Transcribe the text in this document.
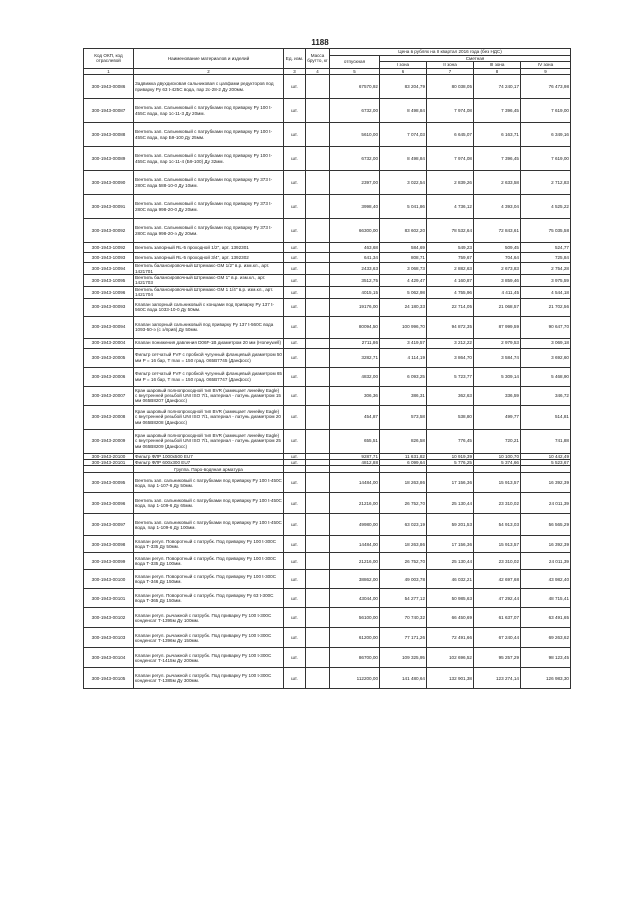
1188
Код ОКП, код отраслевой	Наименование материалов и изделий	Ед. изм.	Масса брутто, кг	Цена в рублях на II квартал 2016 года (без НДС)				
				отпускная	Сметная			
					I зона	II зона	III зона	IV зона
1	2	3	4	5	6	7	8	9
300-1943-00086	Задвижка двухдисковая сальниковая с цапфами редукторов под приварку Ру 63 t-425С вода, пар 2с-28-2 Ду 200мм.	шт.		67570,92	83 204,79	80 038,05	74 240,17	76 473,98
300-1943-00087	Вентиль зап. Сальниковый с патрубками под приварку Ру 100 t-455С вода, пар 1с-11-3 Ду 20мм.	шт.		6732,00	8 498,84	7 974,08	7 396,45	7 619,00
300-1943-00088	Вентиль зап. Сальниковый с патрубками под приварку Ру 100 t-455С вода, пар Б9-100 Ду 25мм.	шт.		5610,00	7 074,03	6 645,07	6 163,71	6 349,16
300-1943-00089	Вентиль зап. Сальниковый с патрубками под приварку Ру 100 t-455С вода, пар 1с-11-4 (Б9-100) Ду 32мм.	шт.		6732,00	8 498,84	7 974,08	7 396,45	7 619,00
300-1943-00090	Вентиль зап. Сальниковый с патрубками под приварку Ру 373 t-280С вода 588-10-0 Ду 10мм.	шт.		2397,00	3 022,54	2 839,26	2 633,58	2 712,83
300-1943-00091	Вентиль зап. Сальниковый с патрубками под приварку Ру 373 t-280С вода 998-20-0 Ду 20мм.	шт.		3998,40	5 041,86	4 736,12	4 393,04	4 525,22
300-1943-00092	Вентиль зап. Сальниковый с патрубками под приварку Ру 373 t-280С вода 998-20-э Ду 20мм.	шт.		66300,00	83 602,20	78 532,64	72 843,61	75 035,58
300-1943-10092	Вентиль запорный RL-5 проходной 1/2", арт. 1392301	шт.		463,68	584,69	549,23	509,45	524,77
300-1943-10093	Вентиль запорный RL-5 проходной 3/4", арт. 1392302	шт.		641,34	808,71	759,67	704,64	725,84
300-1943-10094	Вентиль балансировочный Штремакс-GM 1/2" в.р. изм.кл., арт. 1421701	шт.		2433,63	3 068,73	2 882,63	2 673,83	2 754,28
300-1943-10095	Вентиль балансировочный Штремакс-GM 1" в.р. изм.кл., арт. 1421703	шт.		3512,75	4 429,47	4 160,87	3 859,46	3 975,59
300-1943-10096	Вентиль балансировочный Штремакс-GM 1 1/4" в.р. изм.кл., арт. 1421704	шт.		4015,15	5 062,98	4 755,96	4 411,45	4 544,18
300-1943-00093	Клапан запорный сальниковый с концами под приварку Ру 137 t-560С вода 1033-10-0 Ду 50мм.	шт.		19176,00	24 180,33	22 714,05	21 068,57	21 702,56
300-1943-00094	Клапан запорный сальниковый под приварку Ру 137 t-560С вода 1093-50-э (с э/прив) Ду 50мм.	шт.		80094,50	100 996,70	94 872,35	87 999,59	90 647,70
300-1943-20004	Клапан понижения давления D06F-1B диаметром 20 мм (Honeywell)	шт.		2711,86	3 419,57	3 212,22	2 979,53	3 069,18
300-1943-20005	Фильтр сетчатый FVF с пробкой чугунный фланцевый диаметром 50 мм Р = 16 бар, Т max = 150 град. 065B7745 (Данфосс)	шт.		3282,71	4 114,19	3 864,70	3 584,74	3 692,60
300-1943-20006	Фильтр сетчатый FVF с пробкой чугунный фланцевый диаметром 65 мм Р = 16 бар, Т max = 150 град. 065B7747 (Данфосс)	шт.		4832,00	6 093,25	5 723,77	5 309,14	5 468,90
300-1943-20007	Кран шаровый полнопроходной тип BVR (замещает линейку Eagle) с внутренней резьбой UNI ISO 7/1, материал - латунь диаметром 15 мм 065B8207 (Данфосс)	шт.		306,36	386,31	362,63	336,59	346,72
300-1943-20008	Кран шаровый полнопроходной тип BVR (замещает линейку Eagle) с внутренней резьбой UNI ISO 7/1, материал - латунь диаметром 20 мм 065B8208 (Данфосс)	шт.		454,87	573,58	538,80	499,77	514,81
300-1943-20009	Кран шаровый полнопроходной тип BVR (замещает линейку Eagle) с внутренней резьбой UNI ISO 7/1, материал - латунь диаметром 25 мм 065B8209 (Данфосс)	шт.		655,51	826,58	776,45	720,21	741,88
300-1943-20100	Фильтр ФЛР 1000х500 EU7	шт.		9287,71	11 631,82	10 919,39	10 100,70	10 442,49
300-1943-20101	Фильтр ФЛР 600х300 EU7	шт.		4812,88	6 099,64	5 776,25	5 374,66	5 523,67
	Группа. Паро-водяная арматура							
300-1943-00095	Вентиль зап. сальниковый с патрубками под приварку Ру 100 t-450С вода, пар 1-107-6 Ду 50мм.	шт.		14484,00	18 263,86	17 156,36	15 913,57	16 392,39
300-1943-00096	Вентиль зап. сальниковый с патрубками под приварку Ру 100 t-450С вода, пар 1-109-6 Ду 65мм.	шт.		21216,00	26 752,70	25 130,44	23 310,02	24 011,39
300-1943-00097	Вентиль зап. сальниковый с патрубками под приварку Ру 100 t-450С вода, пар 1-109-6 Ду 100мм.	шт.		49980,00	63 023,19	59 201,53	54 913,03	56 565,29
300-1943-00098	Клапан регул. Поворотный с патрубк. Под приварку Ру 100 t-300С вода Т-335 Ду 50мм.	шт.		14484,00	18 263,86	17 156,36	15 913,57	16 392,39
300-1943-00099	Клапан регул. Поворотный с патрубк. Под приварку Ру 100 t-300С вода Т-335 Ду 100мм.	шт.		21216,00	26 752,70	25 130,44	23 310,02	24 011,39
300-1943-00100	Клапан регул. Поворотный с патрубк. Под приварку Ру 100 t-300С вода Т-346 Ду 150мм.	шт.		38862,00	49 003,78	46 032,21	42 697,68	43 982,40
300-1943-00101	Клапан регул. Поворотный с патрубк. Под приварку Ру 63 t-300С вода Т-365 Ду 150мм.	шт.		43044,00	54 277,12	50 985,63	47 292,44	48 715,41
300-1943-00102	Клапан регул. рычажной с патрубк. Под приварку Ру 100 t-300С конденсат Т-1395м Ду 100мм.	шт.		56100,00	70 740,32	66 450,69	61 637,07	63 491,65
300-1943-00103	Клапан регул. рычажной с патрубк. Под приварку Ру 100 t-300С конденсат Т-1396м Ду 150мм.	шт.		61200,00	77 171,26	72 491,66	67 240,44	69 263,62
300-1943-00104	Клапан регул. рычажной с патрубк. Под приварку Ру 100 t-300С конденсат Т-1415м Ду 200мм.	шт.		86700,00	109 325,95	102 696,52	95 257,29	98 123,45
300-1943-00105	Клапан регул. рычажной с патрубк. Под приварку Ру 100 t-300С конденсат Т-1385м Ду 300мм.	шт.		112200,00	141 480,64	132 901,38	123 274,14	126 983,30
